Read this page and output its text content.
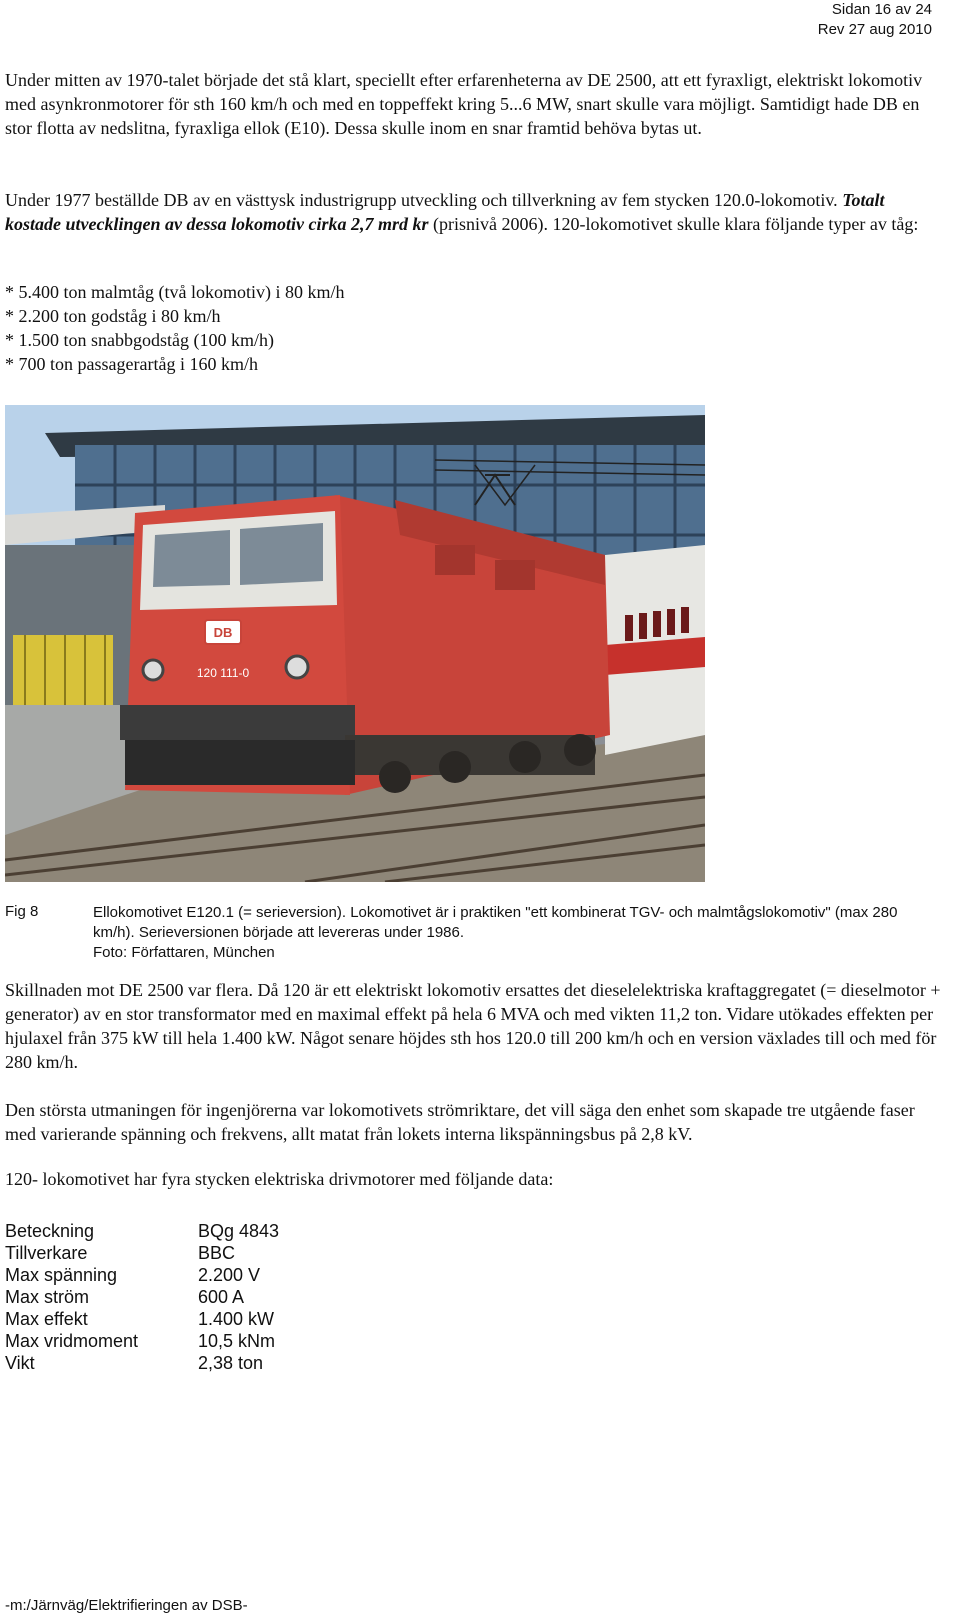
Sidan 16 av 24
Rev 27 aug 2010

Under mitten av 1970-talet började det stå klart, speciellt efter erfarenheterna av DE 2500, att ett fyraxligt, elektriskt lokomotiv med asynkronmotorer för sth 160 km/h och med en toppeffekt kring 5...6 MW, snart skulle vara möjligt. Samtidigt hade DB en stor flotta av nedslitna, fyraxliga ellok (E10). Dessa skulle inom en snar framtid behöva bytas ut.

Under 1977 beställde DB av en västtysk industrigrupp utveckling och tillverkning av fem stycken 120.0-lokomotiv. Totalt kostade utvecklingen av dessa lokomotiv cirka 2,7 mrd kr (prisnivå 2006). 120-lokomotivet skulle klara följande typer av tåg:

* 5.400 ton malmtåg (två lokomotiv) i 80 km/h
* 2.200 ton godståg i 80 km/h
* 1.500 ton snabbgodståg (100 km/h)
* 700 ton passagerartåg i 160 km/h
DB
120 111-0
Fig 8	Ellokomotivet E120.1 (= serieversion). Lokomotivet är i praktiken "ett kombinerat TGV- och malmtågslokomotiv" (max 280 km/h). Serieversionen började att levereras under 1986.
Foto: Författaren, München

Skillnaden mot DE 2500 var flera. Då 120 är ett elektriskt lokomotiv ersattes det dieselelektriska kraftaggregatet (= dieselmotor + generator) av en stor transformator med en maximal effekt på hela 6 MVA och med vikten 11,2 ton. Vidare utökades effekten per hjulaxel från 375 kW till hela 1.400 kW. Något senare höjdes sth hos 120.0 till 200 km/h och en version växlades till och med för 280 km/h.

Den största utmaningen för ingenjörerna var lokomotivets strömriktare, det vill säga den enhet som skapade tre utgående faser med varierande spänning och frekvens, allt matat från lokets interna likspänningsbus på 2,8 kV.

120- lokomotivet har fyra stycken elektriska drivmotorer med följande data:

Beteckning	BQg 4843
Tillverkare	BBC
Max spänning	2.200 V
Max ström	600 A
Max effekt	1.400 kW
Max vridmoment	10,5 kNm
Vikt	2,38 ton
-m:/Järnväg/Elektrifieringen av DSB-
